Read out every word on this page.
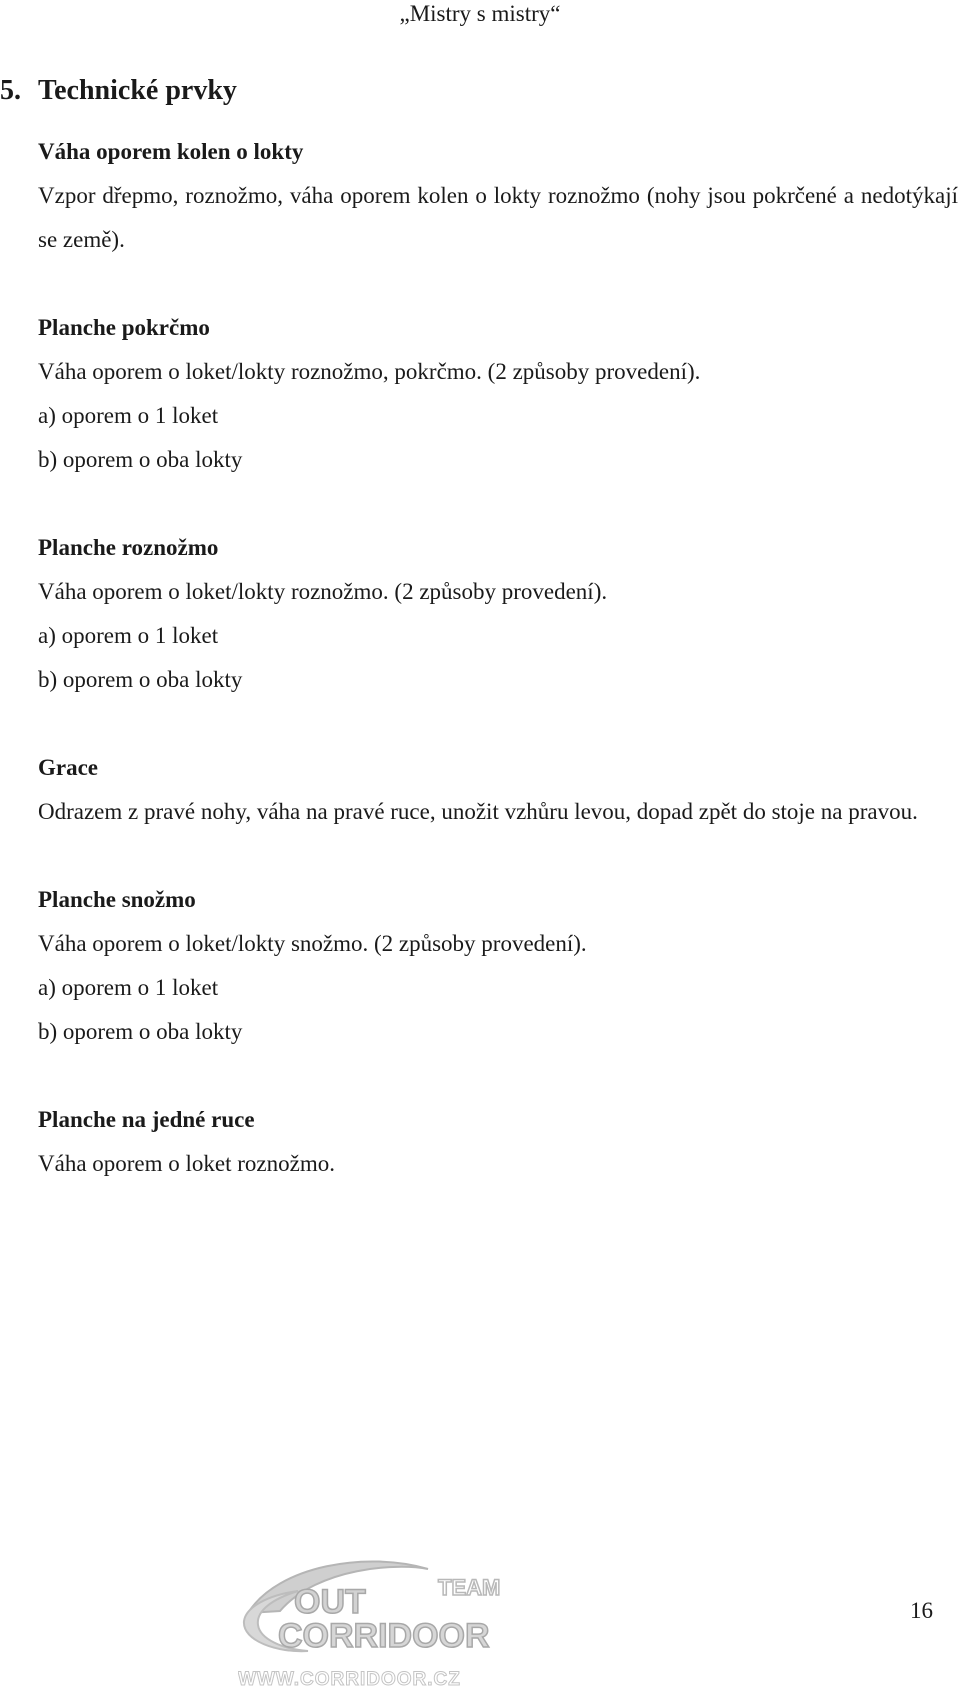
„Mistry s mistry“
5. Technické prvky
Váha oporem kolen o lokty
Vzpor dřepmo, roznožmo, váha oporem kolen o lokty roznožmo (nohy jsou pokrčené a nedotýkají se země).
Planche pokrčmo
Váha oporem o loket/lokty roznožmo, pokrčmo. (2 způsoby provedení).
a) oporem o 1 loket
b) oporem o oba lokty
Planche roznožmo
Váha oporem o loket/lokty roznožmo. (2 způsoby provedení).
a) oporem o 1 loket
b) oporem o oba lokty
Grace
Odrazem z pravé nohy, váha na pravé ruce, unožit vzhůru levou, dopad zpět do stoje na pravou.
Planche snožmo
Váha oporem o loket/lokty snožmo. (2 způsoby provedení).
a) oporem o 1 loket
b) oporem o oba lokty
Planche na jedné ruce
Váha oporem o loket roznožmo.
OUT	TEAM
CORRIDOOR
WWW.CORRIDOOR.CZ
16
